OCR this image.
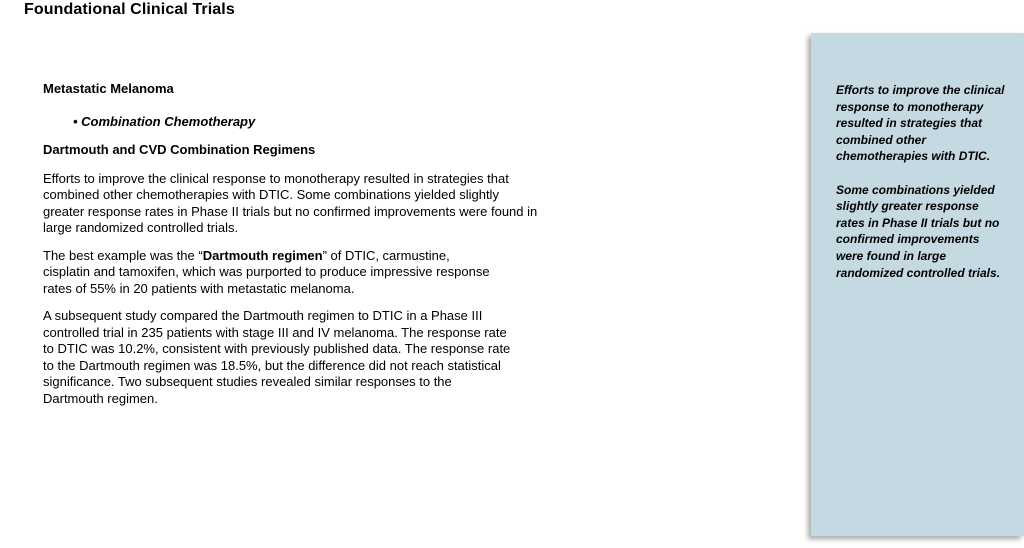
Foundational Clinical Trials
Metastatic Melanoma
• Combination Chemotherapy
Dartmouth and CVD Combination Regimens

Efforts to improve the clinical response to monotherapy resulted in strategies that combined other chemotherapies with DTIC. Some combinations yielded slightly greater response rates in Phase II trials but no confirmed improvements were found in large randomized controlled trials.

The best example was the “Dartmouth regimen” of DTIC, carmustine, cisplatin and tamoxifen, which was purported to produce impressive response rates of 55% in 20 patients with metastatic melanoma.

A subsequent study compared the Dartmouth regimen to DTIC in a Phase III controlled trial in 235 patients with stage III and IV melanoma. The response rate to DTIC was 10.2%, consistent with previously published data. The response rate to the Dartmouth regimen was 18.5%, but the difference did not reach statistical significance. Two subsequent studies revealed similar responses to the Dartmouth regimen.

Efforts to improve the clinical response to monotherapy resulted in strategies that combined other chemotherapies with DTIC.

Some combinations yielded slightly greater response rates in Phase II trials but no confirmed improvements were found in large randomized controlled trials.
